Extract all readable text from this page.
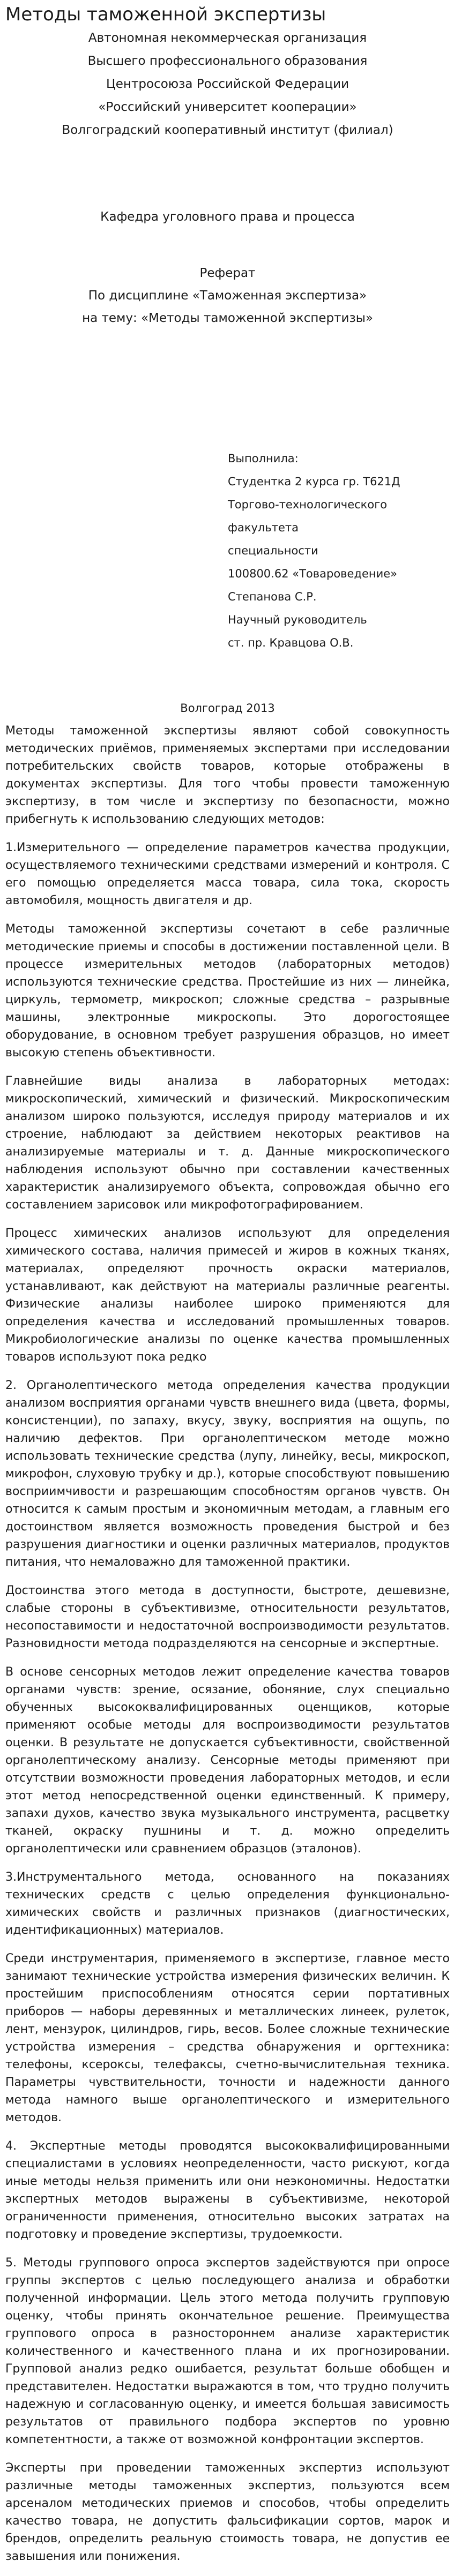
Методы таможенной экспертизы
Автономная некоммерческая организация
Высшего профессионального образования
Центросоюза Российской Федерации
«Российский университет кооперации»
Волгоградский кооперативный институт (филиал)
Кафедра уголовного права и процесса
Реферат
По дисциплине «Таможенная экспертиза»
на тему: «Методы таможенной экспертизы»
Выполнила:
Студентка 2 курса гр. Т621Д
Торгово-технологического факультета
специальности
100800.62 «Товароведение»
Степанова С.Р.
Научный руководитель
ст. пр. Кравцова О.В.
Волгоград 2013

Методы таможенной экспертизы являют собой совокупность методических приёмов, применяемых экспертами при исследовании потребительских свойств товаров, которые отображены в документах экспертизы. Для того чтобы провести таможенную экспертизу, в том числе и экспертизу по безопасности, можно прибегнуть к использованию следующих методов:

1.Измерительного — определение параметров качества продукции, осуществляемого техническими средствами измерений и контроля. С его помощью определяется масса товара, сила тока, скорость автомобиля, мощность двигателя и др.

Методы таможенной экспертизы сочетают в себе различные методические приемы и способы в достижении поставленной цели. В процессе измерительных методов (лабораторных методов) используются технические средства. Простейшие из них — линейка, циркуль, термометр, микроскоп; сложные средства – разрывные машины, электронные микроскопы. Это дорогостоящее оборудование, в основном требует разрушения образцов, но имеет высокую степень объективности.

Главнейшие виды анализа в лабораторных методах: микроскопический, химический и физический. Микроскопическим анализом широко пользуются, исследуя природу материалов и их строение, наблюдают за действием некоторых реактивов на анализируемые материалы и т. д. Данные микроскопического наблюдения используют обычно при составлении качественных характеристик анализируемого объекта, сопровождая обычно его составлением зарисовок или микрофотографированием.

Процесс химических анализов используют для определения химического состава, наличия примесей и жиров в кожных тканях, материалах, определяют прочность окраски материалов, устанавливают, как действуют на материалы различные реагенты. Физические анализы наиболее широко применяются для определения качества и исследований промышленных товаров. Микробиологические анализы по оценке качества промышленных товаров используют пока редко

2. Органолептического метода определения качества продукции анализом восприятия органами чувств внешнего вида (цвета, формы, консистенции), по запаху, вкусу, звуку, восприятия на ощупь, по наличию дефектов. При органолептическом методе можно использовать технические средства (лупу, линейку, весы, микроскоп, микрофон, слуховую трубку и др.), которые способствуют повышению восприимчивости и разрешающим способностям органов чувств. Он относится к самым простым и экономичным методам, а главным его достоинством является возможность проведения быстрой и без разрушения диагностики и оценки различных материалов, продуктов питания, что немаловажно для таможенной практики.

Достоинства этого метода в доступности, быстроте, дешевизне, слабые стороны в субъективизме, относительности результатов, несопоставимости и недостаточной воспроизводимости результатов. Разновидности метода подразделяются на сенсорные и экспертные.

В основе сенсорных методов лежит определение качества товаров органами чувств: зрение, осязание, обоняние, слух специально обученных высококвалифицированных оценщиков, которые применяют особые методы для воспроизводимости результатов оценки. В результате не допускается субъективности, свойственной органолептическому анализу. Сенсорные методы применяют при отсутствии возможности проведения лабораторных методов, и если этот метод непосредственной оценки единственный. К примеру, запахи духов, качество звука музыкального инструмента, расцветку тканей, окраску пушнины и т. д. можно определить органолептически или сравнением образцов (эталонов).

3.Инструментального метода, основанного на показаниях технических средств с целью определения функционально-химических свойств и различных признаков (диагностических, идентификационных) материалов.

Среди инструментария, применяемого в экспертизе, главное место занимают технические устройства измерения физических величин. К простейшим приспособлениям относятся серии портативных приборов — наборы деревянных и металлических линеек, рулеток, лент, мензурок, цилиндров, гирь, весов. Более сложные технические устройства измерения – средства обнаружения и оргтехника: телефоны, ксероксы, телефаксы, счетно-вычислительная техника. Параметры чувствительности, точности и надежности данного метода намного выше органолептического и измерительного методов.

4. Экспертные методы проводятся высококвалифицированными специалистами в условиях неопределенности, часто рискуют, когда иные методы нельзя применить или они неэкономичны. Недостатки экспертных методов выражены в субъективизме, некоторой ограниченности применения, относительно высоких затратах на подготовку и проведение экспертизы, трудоемкости.

5. Методы группового опроса экспертов задействуются при опросе группы экспертов с целью последующего анализа и обработки полученной информации. Цель этого метода получить групповую оценку, чтобы принять окончательное решение. Преимущества группового опроса в разностороннем анализе характеристик количественного и качественного плана и их прогнозировании. Групповой анализ редко ошибается, результат больше обобщен и представителен. Недостатки выражаются в том, что трудно получить надежную и согласованную оценку, и имеется большая зависимость результатов от правильного подбора экспертов по уровню компетентности, а также от возможной конфронтации экспертов.

Эксперты при проведении таможенных экспертиз используют различные методы таможенных экспертиз, пользуются всем арсеналом методических приемов и способов, чтобы определить качество товара, не допустить фальсификации сортов, марок и брендов, определить реальную стоимость товара, не допустив ее завышения или понижения.
